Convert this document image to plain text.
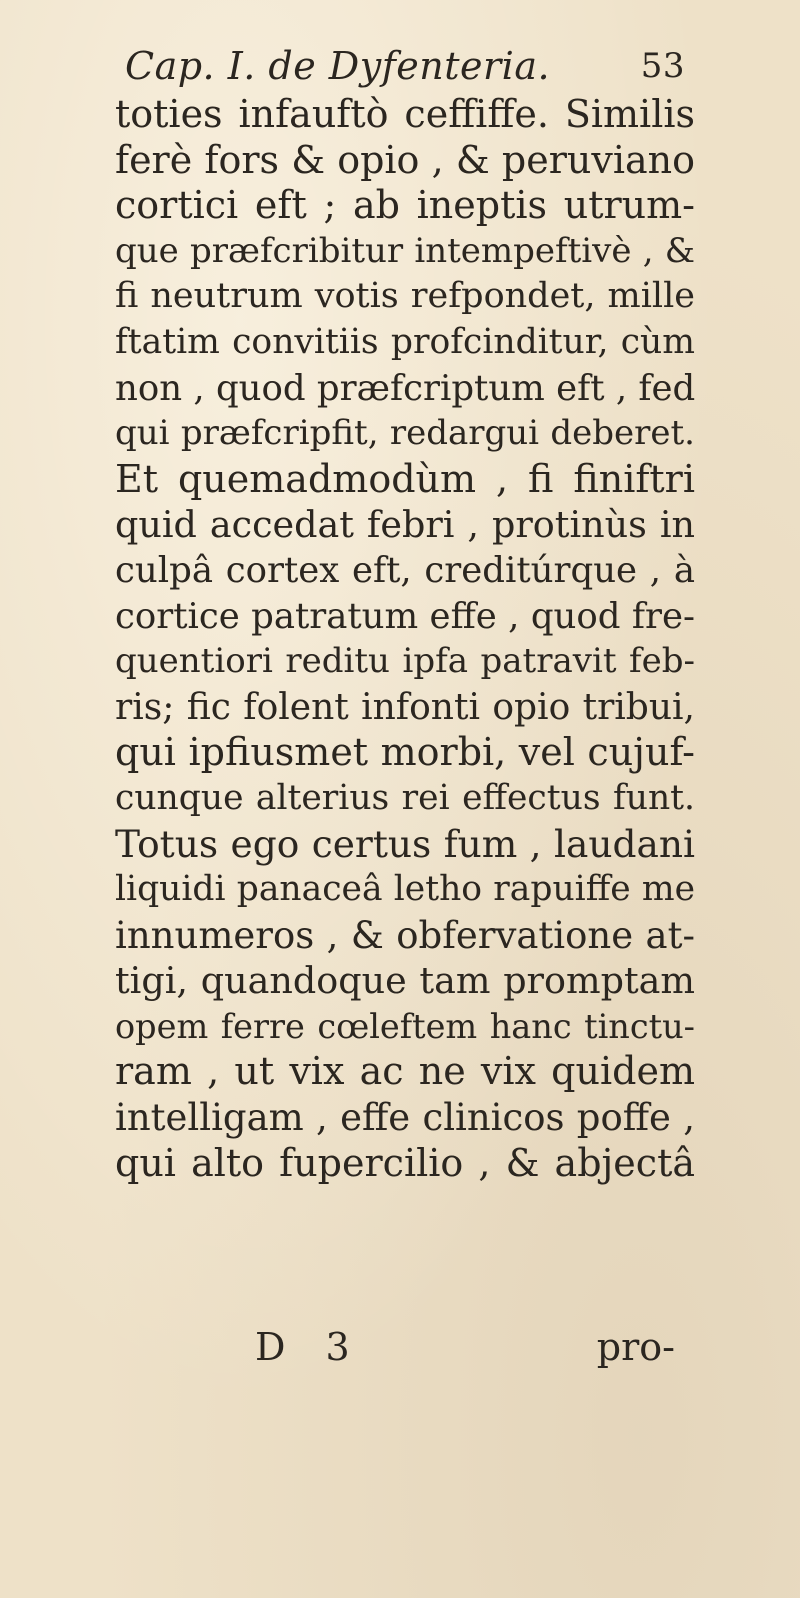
Cap. I. de Dyfenteria.	53
toties infauftò ceffiffe. Similis
ferè fors & opio , & peruviano
cortici eft ; ab ineptis utrum-
que præfcribitur intempeftivè , &
fi neutrum votis refpondet, mille
ftatim convitiis profcinditur, cùm
non , quod præfcriptum eft , fed
qui præfcripfit, redargui deberet.
Et quemadmodùm , fi finiftri
quid accedat febri , protinùs in
culpâ cortex eft, creditúrque , à
cortice patratum effe , quod fre-
quentiori reditu ipfa patravit feb-
ris; fic folent infonti opio tribui,
qui ipfiusmet morbi, vel cujuf-
cunque alterius rei effectus funt.
Totus ego certus fum , laudani
liquidi panaceâ letho rapuiffe me
innumeros , & obfervatione at-
tigi, quandoque tam promptam
opem ferre cœleftem hanc tinctu-
ram , ut vix ac ne vix quidem
intelligam , effe clinicos poffe ,
qui alto fupercilio , & abjectâ
D 3	pro-
